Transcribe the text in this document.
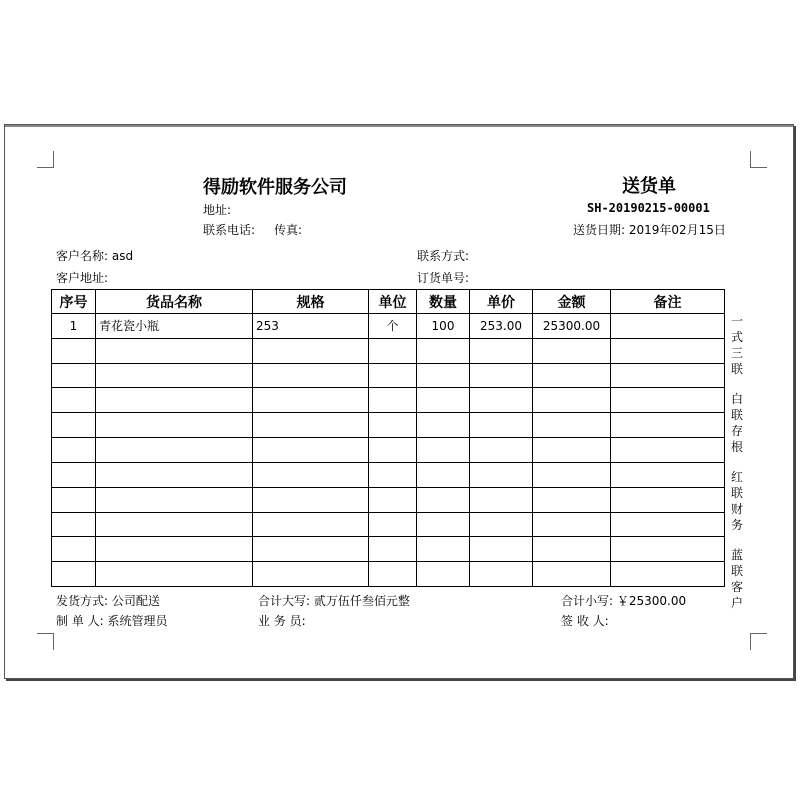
得励软件服务公司	送货单
地址:	SH-20190215-00001
联系电话: 传真:	送货日期: 2019年02月15日
客户名称: asd	联系方式:
客户地址:	订货单号:
序号	货品名称	规格	单位	数量	单价	金额	备注
1	青花瓷小瓶	253	个	100	253.00	25300.00	

								一式三联
白联存根
红联财务
蓝联客户
发货方式: 公司配送	合计大写: 贰万伍仟叁佰元整	合计小写: ￥25300.00
制 单 人: 系统管理员	业 务 员:	签 收 人:
